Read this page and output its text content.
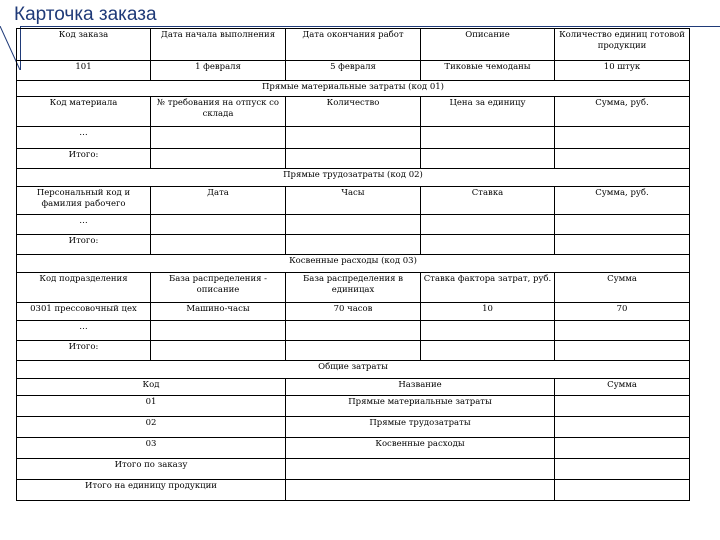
Карточка заказа
Код заказа	Дата начала выполнения	Дата окончания работ	Описание	Количество единиц готовой продукции
101	1 февраля	5 февраля	Тиковые чемоданы	10 штук
Прямые материальные затраты (код 01)				
Код материала	№ требования на отпуск со склада	Количество	Цена за единицу	Сумма, руб.
…				
Итого:				
Прямые трудозатраты (код 02)				
Персональный код и фамилия рабочего	Дата	Часы	Ставка	Сумма, руб.
…				
Итого:				
Косвенные расходы (код 03)				
Код подразделения	База распределения - описание	База распределения в единицах	Ставка фактора затрат, руб.	Сумма
0301 прессовочный цех	Машино-часы	70 часов	10	70
…				
Итого:				
Общие затраты				
Код		Название		Сумма
01		Прямые материальные затраты		
02		Прямые трудозатраты		
03		Косвенные расходы		
Итого по заказу				
Итого на единицу продукции				
